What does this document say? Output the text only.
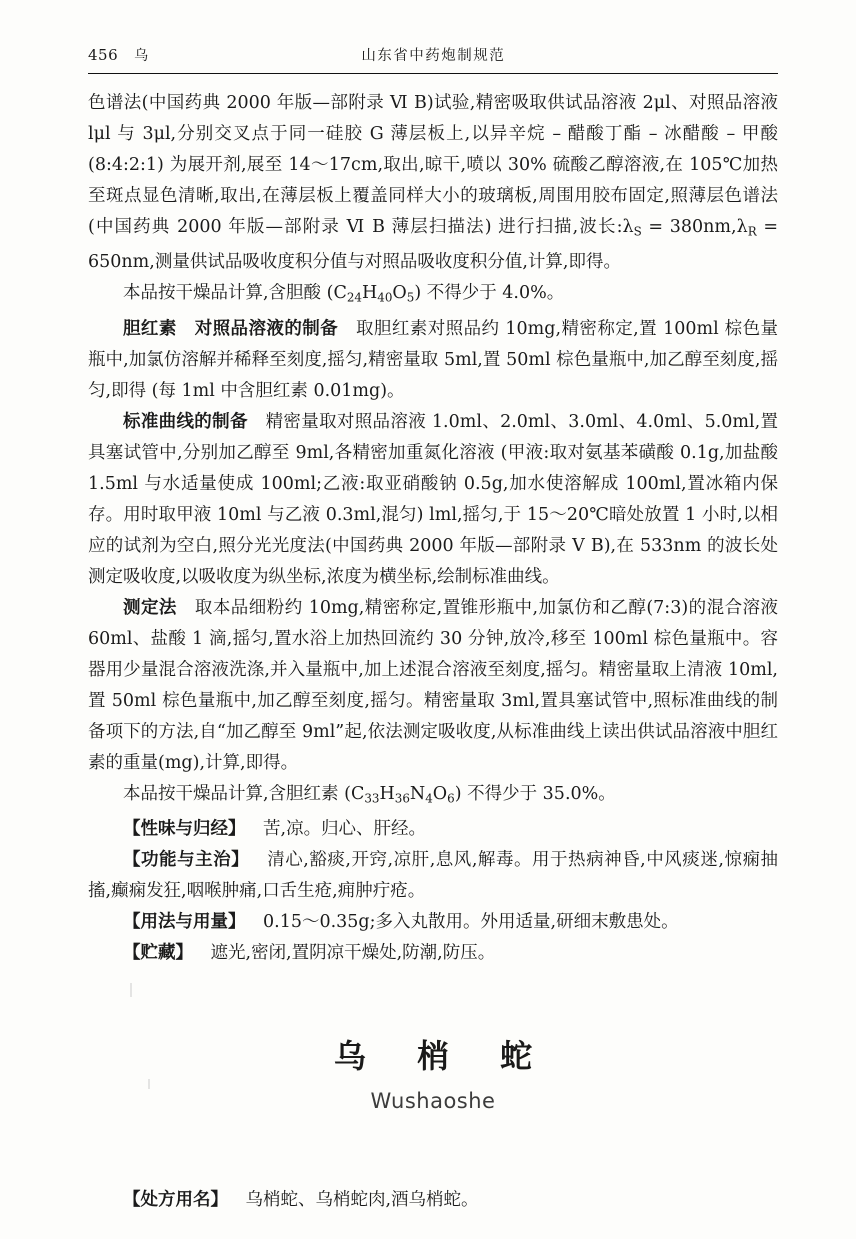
456 乌	山东省中药炮制规范

色谱法(中国药典 2000 年版—部附录 Ⅵ B)试验,精密吸取供试品溶液 2μl、对照品溶液 lμl 与 3μl,分别交叉点于同一硅胶 G 薄层板上,以异辛烷 – 醋酸丁酯 – 冰醋酸 – 甲酸 (8:4:2:1) 为展开剂,展至 14～17cm,取出,晾干,喷以 30% 硫酸乙醇溶液,在 105℃加热至斑点显色清晰,取出,在薄层板上覆盖同样大小的玻璃板,周围用胶布固定,照薄层色谱法 (中国药典 2000 年版—部附录 Ⅵ B 薄层扫描法) 进行扫描,波长$:\lambda_S = 380nm,\lambda_R = 650nm$,测量供试品吸收度积分值与对照品吸收度积分值,计算,即得。

本品按干燥品计算,含胆酸 $(C_{24}H_{40}O_5)$ 不得少于 4.0%。

胆红素 对照品溶液的制备 取胆红素对照品约 10mg,精密称定,置 100ml 棕色量瓶中,加氯仿溶解并稀释至刻度,摇匀,精密量取 5ml,置 50ml 棕色量瓶中,加乙醇至刻度,摇匀,即得 (每 1ml 中含胆红素 0.01mg)。

标准曲线的制备 精密量取对照品溶液 1.0ml、2.0ml、3.0ml、4.0ml、5.0ml,置具塞试管中,分别加乙醇至 9ml,各精密加重氮化溶液 (甲液:取对氨基苯磺酸 0.1g,加盐酸 1.5ml 与水适量使成 100ml;乙液:取亚硝酸钠 0.5g,加水使溶解成 100ml,置冰箱内保存。用时取甲液 10ml 与乙液 0.3ml,混匀) lml,摇匀,于 15～20℃暗处放置 1 小时,以相应的试剂为空白,照分光光度法(中国药典 2000 年版—部附录 Ⅴ B),在 533nm 的波长处测定吸收度,以吸收度为纵坐标,浓度为横坐标,绘制标准曲线。

测定法 取本品细粉约 10mg,精密称定,置锥形瓶中,加氯仿和乙醇(7:3)的混合溶液 60ml、盐酸 1 滴,摇匀,置水浴上加热回流约 30 分钟,放冷,移至 100ml 棕色量瓶中。容器用少量混合溶液洗涤,并入量瓶中,加上述混合溶液至刻度,摇匀。精密量取上清液 10ml,置 50ml 棕色量瓶中,加乙醇至刻度,摇匀。精密量取 3ml,置具塞试管中,照标准曲线的制备项下的方法,自“加乙醇至 9ml”起,依法测定吸收度,从标准曲线上读出供试品溶液中胆红素的重量(mg),计算,即得。

本品按干燥品计算,含胆红素 $(C_{33}H_{36}N_4O_6)$ 不得少于 35.0%。

【性味与归经】 苦,凉。归心、肝经。

【功能与主治】 清心,豁痰,开窍,凉肝,息风,解毒。用于热病神昏,中风痰迷,惊痫抽搐,癫痫发狂,咽喉肿痛,口舌生疮,痈肿疔疮。

【用法与用量】 0.15～0.35g;多入丸散用。外用适量,研细末敷患处。

【贮藏】 遮光,密闭,置阴凉干燥处,防潮,防压。

乌 梢 蛇
Wushaoshe

【处方用名】 乌梢蛇、乌梢蛇肉,酒乌梢蛇。
